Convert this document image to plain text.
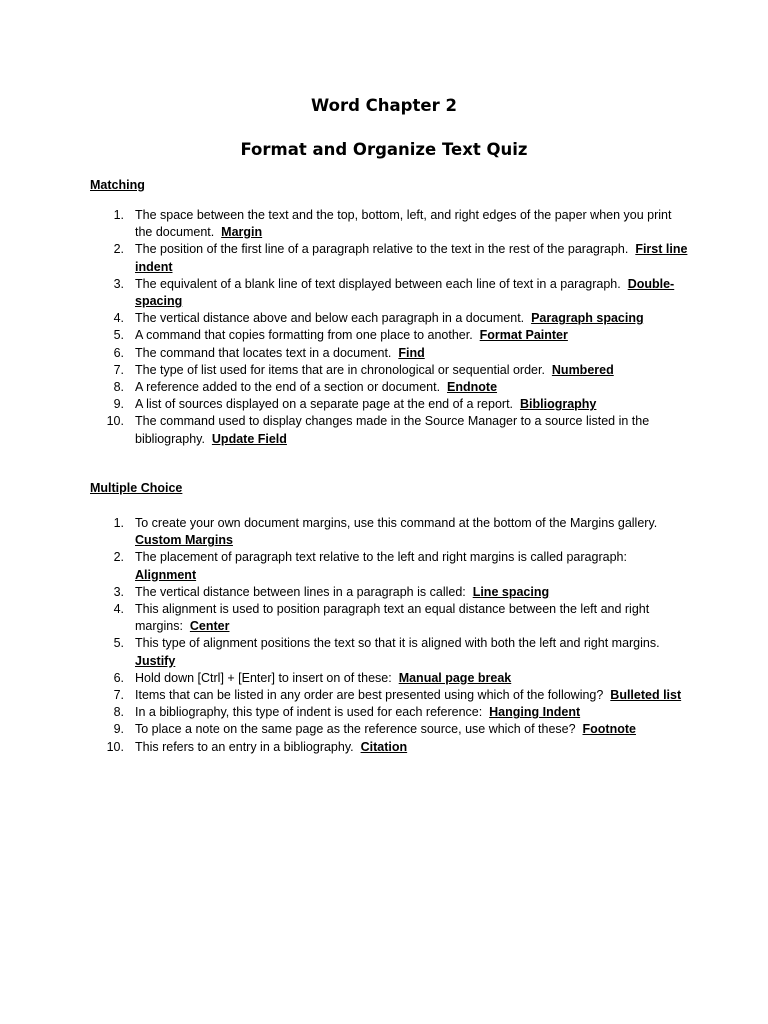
Word Chapter 2
Format and Organize Text Quiz
Matching
1. The space between the text and the top, bottom, left, and right edges of the paper when you print the document. Margin
2. The position of the first line of a paragraph relative to the text in the rest of the paragraph. First line indent
3. The equivalent of a blank line of text displayed between each line of text in a paragraph. Double-spacing
4. The vertical distance above and below each paragraph in a document. Paragraph spacing
5. A command that copies formatting from one place to another. Format Painter
6. The command that locates text in a document. Find
7. The type of list used for items that are in chronological or sequential order. Numbered
8. A reference added to the end of a section or document. Endnote
9. A list of sources displayed on a separate page at the end of a report. Bibliography
10. The command used to display changes made in the Source Manager to a source listed in the bibliography. Update Field
Multiple Choice
1. To create your own document margins, use this command at the bottom of the Margins gallery.  Custom Margins
2. The placement of paragraph text relative to the left and right margins is called paragraph:  Alignment
3. The vertical distance between lines in a paragraph is called: Line spacing
4. This alignment is used to position paragraph text an equal distance between the left and right margins: Center
5. This type of alignment positions the text so that it is aligned with both the left and right margins.  Justify
6. Hold down [Ctrl] + [Enter] to insert on of these: Manual page break
7. Items that can be listed in any order are best presented using which of the following? Bulleted list
8. In a bibliography, this type of indent is used for each reference: Hanging Indent
9. To place a note on the same page as the reference source, use which of these? Footnote
10. This refers to an entry in a bibliography. Citation
